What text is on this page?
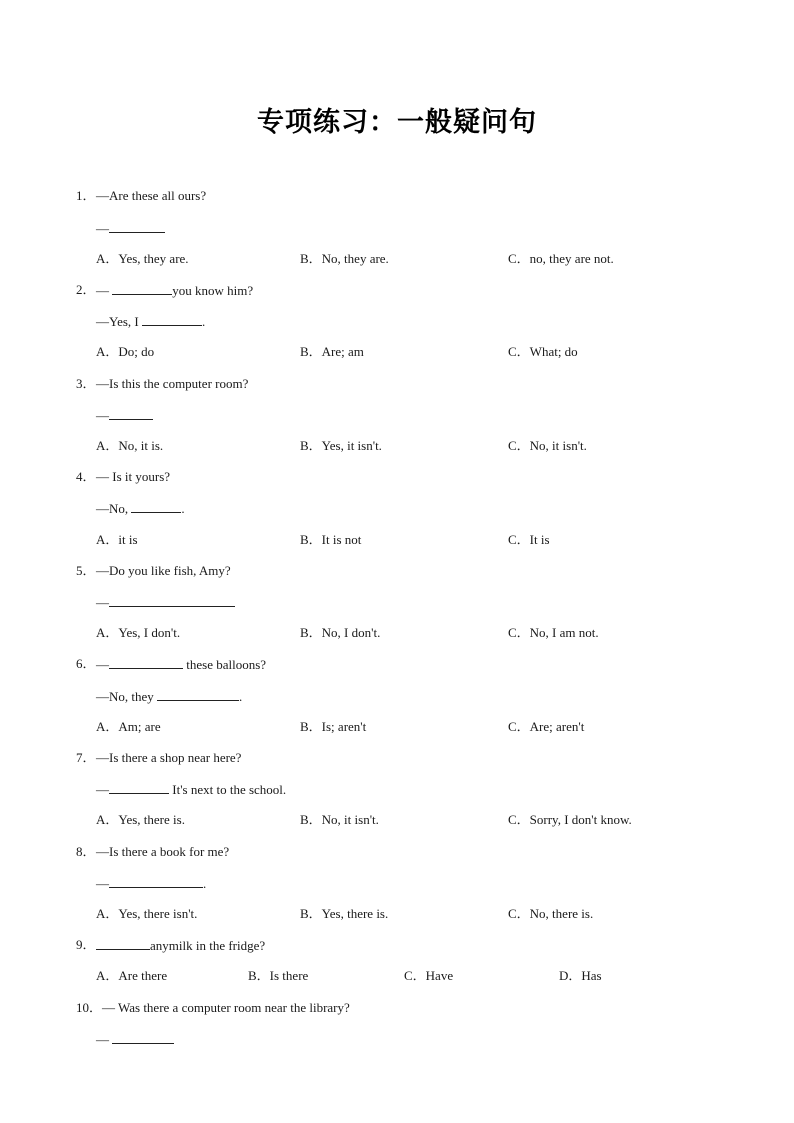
专项练习：一般疑问句
1． —Are these all ours?
—
A．Yes, they are.	B．No, they are.	C．no, they are not.
2． —	you know him?
—Yes, I	.
A．Do; do	B．Are; am	C．What; do
3． —Is this the computer room?
—
A．No, it is.	B．Yes, it isn't.	C．No, it isn't.
4． — Is it yours?
—No,	.
A．it is	B．It is not	C．It is
5． —Do you like fish, Amy?
—
A．Yes, I don't.	B．No, I don't.	C．No, I am not.
6． —	these balloons?
—No, they	.
A．Am; are	B．Is; aren't	C．Are; aren't
7． —Is there a shop near here?
—	It's next to the school.
A．Yes, there is.	B．No, it isn't.	C．Sorry, I don't know.
8． —Is there a book for me?
—	.
A．Yes, there isn't.	B．Yes, there is.	C．No, there is.
9．	anymilk in the fridge?
A．Are there	B．Is there	C．Have	D．Has
10． — Was there a computer room near the library?
—
